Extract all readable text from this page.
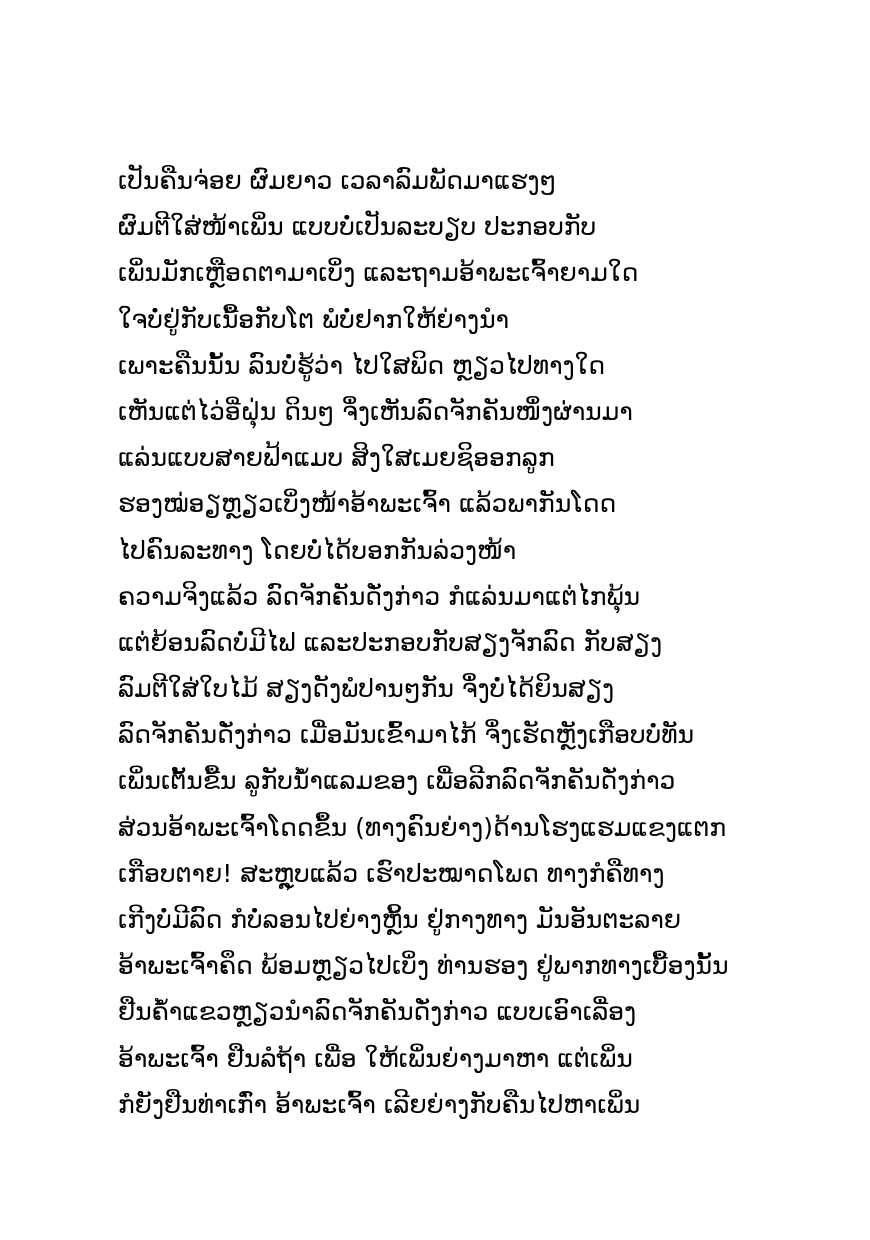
ເປັນຄືນຈ່ອຍ ຜົມຍາວ ເວລາລົມພັດມາແຮງໆ
ຜົມຕີໃສ່ໜ້າເພິ່ນ ແບບບໍ່ເປັນລະບຽບ ປະກອບກັບ
ເພິ່ນມັກເຫຼືອດຕາມາເບິ່ງ ແລະຖາມອ້າພະເຈົ້າຍາມໃດ
ໃຈບໍ່ຢູ່ກັບເນື້ອກັບໂຕ ພໍບໍ່ຢາກໃຫ້ຍ່າງນຳ
ເພາະຄືນນັ້ນ ລົນບໍ່ຮູ້ວ່າ ໄປໃສພິດ ຫຼຽວໄປທາງໃດ
ເຫັນແຕ່ໄວ່ອີ່ຝຸ່ນ ດິນໆ ຈຶ່ງເຫັນລົດຈັກຄັນໜຶ່ງຜ່ານມາ
ແລ່ນແບບສາຍຟ້າແມບ ສິງໃສເມຍຊິອອກລູກ
ຮອງໝ່ອຽຫຼຽວເບິ່ງໜ້າອ້າພະເຈົ້າ ແລ້ວພາກັນໂດດ
ໄປຄົນລະທາງ ໂດຍບໍ່ໄດ້ບອກກັນລ່ວງໜ້າ
ຄວາມຈິງແລ້ວ ລົດຈັກຄັນດັ່ງກ່າວ ກໍແລ່ນມາແຕ່ໄກພຸ້ນ
ແຕ່ຍ້ອນລົດບໍ່ມີໄຟ ແລະປະກອບກັບສຽງຈັກລົດ ກັບສຽງ
ລົມຕີໃສ່ໃບໄມ້ ສຽງດັງພໍປານໆກັນ ຈຶ່ງບໍ່ໄດ້ຍິນສຽງ
ລົດຈັກຄັນດັ່ງກ່າວ ເມື່ອມັນເຂົ້າມາໄກ້ ຈຶ່ງເຮັດຫຼັງເກືອບບໍ່ທັນ
ເພິ່ນເຕັ້ນຂື້ນ ລູກັບນ້ຳແລມຂອງ ເພື່ອລີກລົດຈັກຄັນດັ່ງກ່າວ
ສ່ວນອ້າພະເຈົ້າໂດດຂຶ້ນ (ທາງຄົນຍ່າງ)ດ້ານໂຮງແຮມແຂງແຕກ
ເກືອບຕາຍ! ສະຫຼຸບແລ້ວ ເຮົາປະໝາດໂພດ ທາງກໍຄືທາງ
ເກີງບໍ່ມີລົດ ກໍບໍ່ລອນໄປຍ່າງຫຼິ້ນ ຢູ່ກາງທາງ ມັນອັນຕະລາຍ
ອ້າພະເຈົ້າຄຶດ ພ້ອມຫຼຽວໄປເບິ່ງ ທ່ານຮອງ ຢູ່ພາກທາງເບື້ອງນັ້ນ
ຢືນຄ້ຳແຂວຫຼຽວນຳລົດຈັກຄັນດັ່ງກ່າວ ແບບເອົາເລື່ອງ
ອ້າພະເຈົ້າ ຢືນລໍຖ້າ ເພື່ອ ໃຫ້ເພິ່ນຍ່າງມາຫາ ແຕ່ເພິ່ນ
ກໍຍັງຢືນທ່າເກົ່າ ອ້າພະເຈົ້າ ເລີຍຍ່າງກັບຄືນໄປຫາເພິ່ນ
